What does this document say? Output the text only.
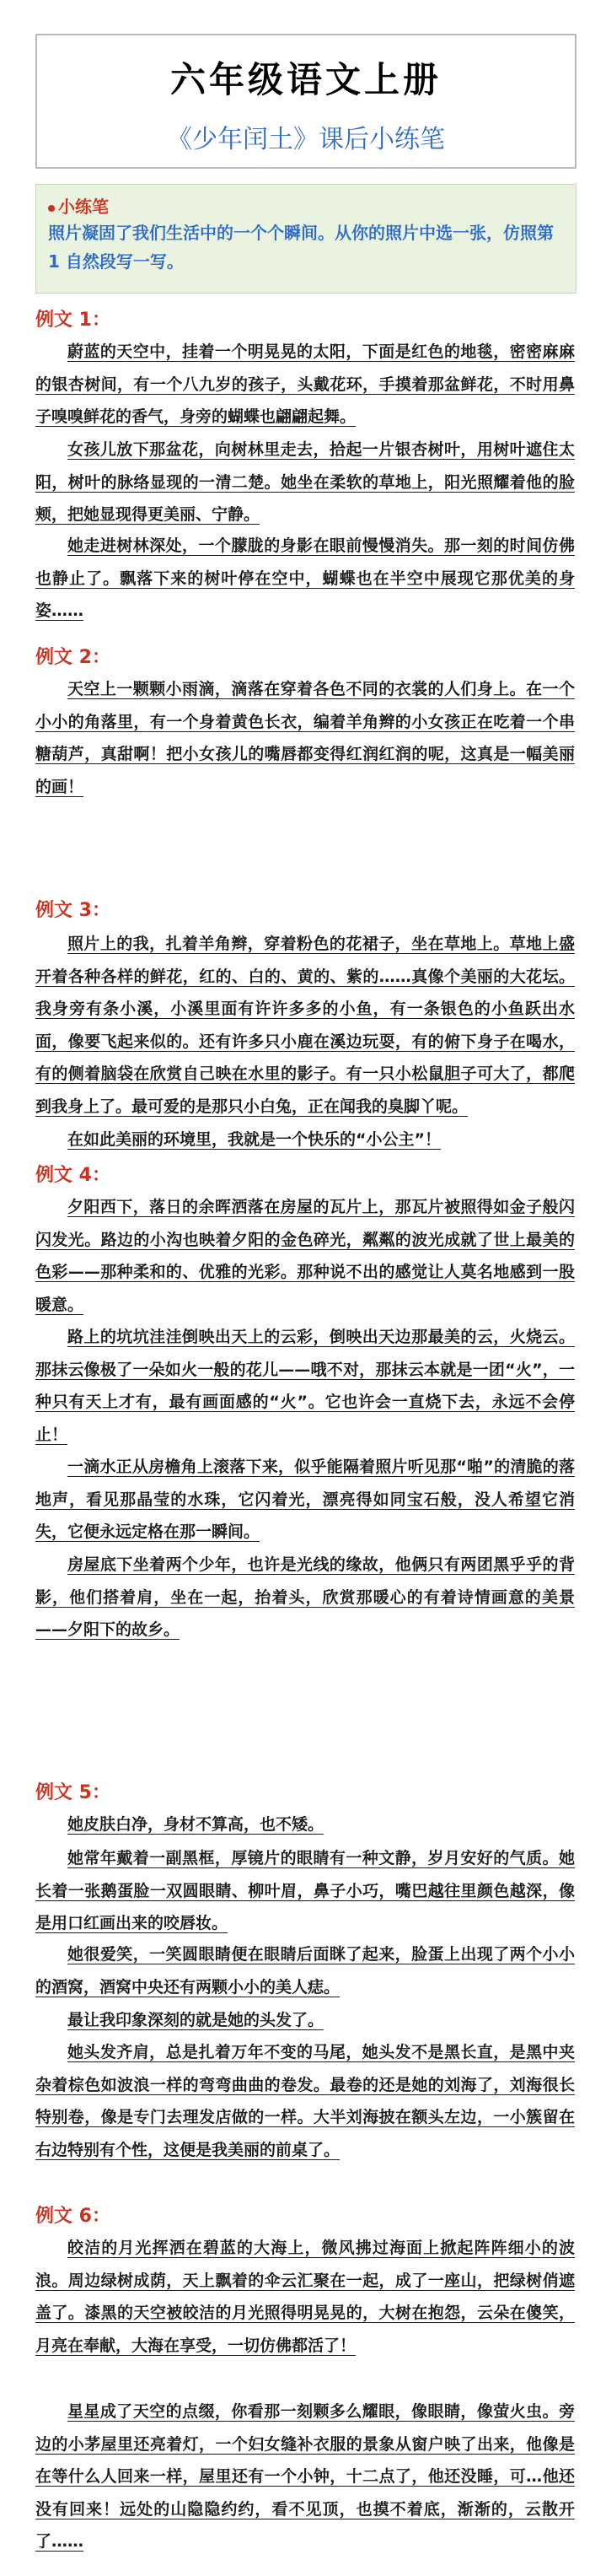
六年级语文上册
《少年闰土》课后小练笔
小练笔
照片凝固了我们生活中的一个个瞬间。从你的照片中选一张，仿照第 1 自然段写一写。
例文 1：
蔚蓝的天空中，挂着一个明晃晃的太阳，下面是红色的地毯，密密麻麻的银杏树间，有一个八九岁的孩子，头戴花环，手摸着那盆鲜花，不时用鼻子嗅嗅鲜花的香气，身旁的蝴蝶也翩翩起舞。
女孩儿放下那盆花，向树林里走去，拾起一片银杏树叶，用树叶遮住太阳，树叶的脉络显现的一清二楚。她坐在柔软的草地上，阳光照耀着他的脸颊，把她显现得更美丽、宁静。
她走进树林深处，一个朦胧的身影在眼前慢慢消失。那一刻的时间仿佛也静止了。飘落下来的树叶停在空中，蝴蝶也在半空中展现它那优美的身姿……
例文 2：
天空上一颗颗小雨滴，滴落在穿着各色不同的衣裳的人们身上。在一个小小的角落里，有一个身着黄色长衣，编着羊角辫的小女孩正在吃着一个串糖葫芦，真甜啊！把小女孩儿的嘴唇都变得红润红润的呢，这真是一幅美丽的画！
例文 3：
照片上的我，扎着羊角辫，穿着粉色的花裙子，坐在草地上。草地上盛开着各种各样的鲜花，红的、白的、黄的、紫的……真像个美丽的大花坛。我身旁有条小溪，小溪里面有许许多多的小鱼，有一条银色的小鱼跃出水面，像要飞起来似的。还有许多只小鹿在溪边玩耍，有的俯下身子在喝水，有的侧着脑袋在欣赏自己映在水里的影子。有一只小松鼠胆子可大了，都爬到我身上了。最可爱的是那只小白兔，正在闻我的臭脚丫呢。
在如此美丽的环境里，我就是一个快乐的“小公主”！
例文 4：
夕阳西下，落日的余晖洒落在房屋的瓦片上，那瓦片被照得如金子般闪闪发光。路边的小沟也映着夕阳的金色碎光，粼粼的波光成就了世上最美的色彩——那种柔和的、优雅的光彩。那种说不出的感觉让人莫名地感到一股暖意。
路上的坑坑洼洼倒映出天上的云彩，倒映出天边那最美的云，火烧云。那抹云像极了一朵如火一般的花儿——哦不对，那抹云本就是一团“火”，一种只有天上才有，最有画面感的“火”。它也许会一直烧下去，永远不会停止！
一滴水正从房檐角上滚落下来，似乎能隔着照片听见那“啪”的清脆的落地声，看见那晶莹的水珠，它闪着光，漂亮得如同宝石般，没人希望它消失，它便永远定格在那一瞬间。
房屋底下坐着两个少年，也许是光线的缘故，他俩只有两团黑乎乎的背影，他们搭着肩，坐在一起，抬着头，欣赏那暖心的有着诗情画意的美景——夕阳下的故乡。
例文 5：
她皮肤白净，身材不算高，也不矮。
她常年戴着一副黑框，厚镜片的眼睛有一种文静，岁月安好的气质。她长着一张鹅蛋脸一双圆眼睛、柳叶眉，鼻子小巧，嘴巴越往里颜色越深，像是用口红画出来的咬唇妆。
她很爱笑，一笑圆眼睛便在眼睛后面眯了起来，脸蛋上出现了两个小小的酒窝，酒窝中央还有两颗小小的美人痣。
最让我印象深刻的就是她的头发了。
她头发齐肩，总是扎着万年不变的马尾，她头发不是黑长直，是黑中夹杂着棕色如波浪一样的弯弯曲曲的卷发。最卷的还是她的刘海了，刘海很长特别卷，像是专门去理发店做的一样。大半刘海披在额头左边，一小簇留在右边特别有个性，这便是我美丽的前桌了。
例文 6：
皎洁的月光挥洒在碧蓝的大海上，微风拂过海面上掀起阵阵细小的波浪。周边绿树成荫，天上飘着的伞云汇聚在一起，成了一座山，把绿树俏遮盖了。漆黑的天空被皎洁的月光照得明晃晃的，大树在抱怨，云朵在傻笑，月亮在奉献，大海在享受，一切仿佛都活了！
星星成了天空的点缀，你看那一刻颗多么耀眼，像眼睛，像萤火虫。旁边的小茅屋里还亮着灯，一个妇女缝补衣服的景象从窗户映了出来，他像是在等什么人回来一样，屋里还有一个小钟，十二点了，他还没睡，可…他还没有回来！远处的山隐隐约约，看不见顶，也摸不着底，渐渐的，云散开了……
